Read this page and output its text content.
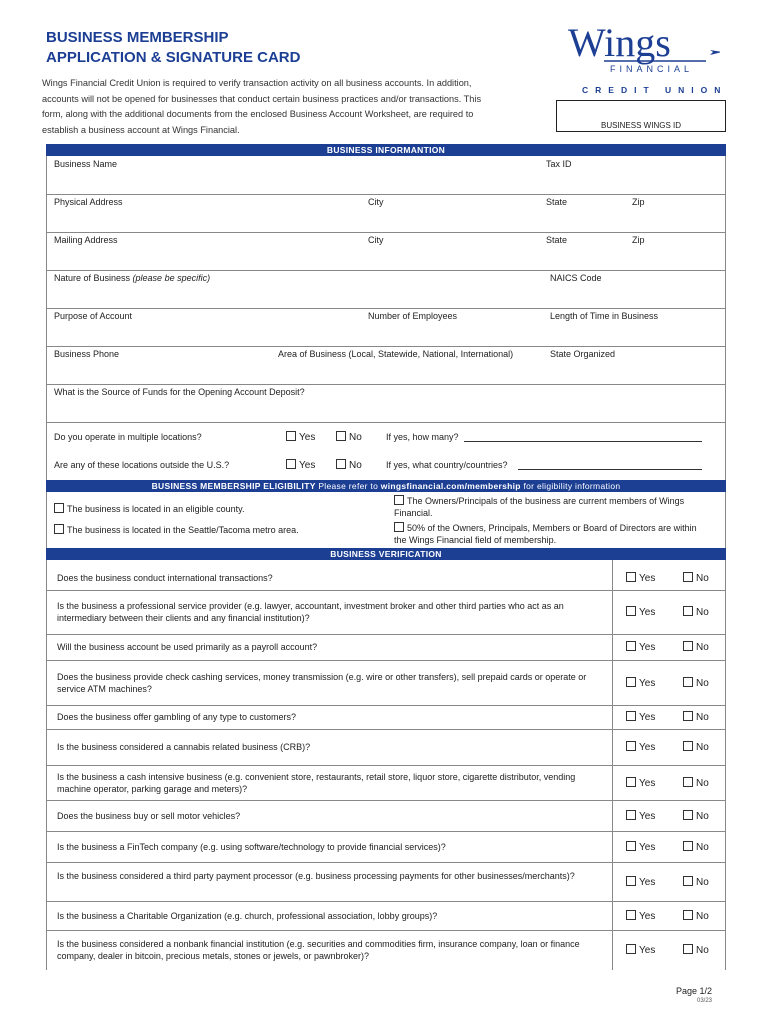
BUSINESS MEMBERSHIP
APPLICATION & SIGNATURE CARD
Wings Financial Credit Union is required to verify transaction activity on all business accounts. In addition, accounts will not be opened for businesses that conduct certain business practices and/or transactions. This form, along with the additional documents from the enclosed Business Account Worksheet, are required to establish a business account at Wings Financial.
Wings
FINANCIAL
CREDIT UNION
BUSINESS WINGS ID
BUSINESS INFORMANTION
Business Name	Tax ID
Physical Address	City	State	Zip
Mailing Address	City	State	Zip
Nature of Business (please be specific)	NAICS Code
Purpose of Account	Number of Employees	Length of Time in Business
Business Phone	Area of Business (Local, Statewide, National, International)	State Organized
What is the Source of Funds for the Opening Account Deposit?
Do you operate in multiple locations?	Yes	No	If yes, how many?
Are any of these locations outside the U.S.?	Yes	No	If yes, what country/countries?
BUSINESS MEMBERSHIP ELIGIBILITY Please refer to wingsfinancial.com/membership for eligibility information
The business is located in an eligible county.
The business is located in the Seattle/Tacoma metro area.
The Owners/Principals of the business are current members of Wings Financial.
50% of the Owners, Principals, Members or Board of Directors are within the Wings Financial field of membership.
BUSINESS VERIFICATION
Does the business conduct international transactions?	Yes	No
Is the business a professional service provider (e.g. lawyer, accountant, investment broker and other third parties who act as an intermediary between their clients and any financial institution)?	Yes	No
Will the business account be used primarily as a payroll account?	Yes	No
Does the business provide check cashing services, money transmission (e.g. wire or other transfers), sell prepaid cards or operate or service ATM machines?	Yes	No
Does the business offer gambling of any type to customers?	Yes	No
Is the business considered a cannabis related business (CRB)?	Yes	No
Is the business a cash intensive business (e.g. convenient store, restaurants, retail store, liquor store, cigarette distributor, vending machine operator, parking garage and meters)?	Yes	No
Does the business buy or sell motor vehicles?	Yes	No
Is the business a FinTech company (e.g. using software/technology to provide financial services)?	Yes	No
Is the business considered a third party payment processor (e.g. business processing payments for other businesses/merchants)?
Yes	No
Is the business a Charitable Organization (e.g. church, professional association, lobby groups)?	Yes	No
Is the business considered a nonbank financial institution (e.g. securities and commodities firm, insurance company, loan or finance company, dealer in bitcoin, precious metals, stones or jewels, or pawnbroker)?	Yes	No
Page 1/2
03/23
